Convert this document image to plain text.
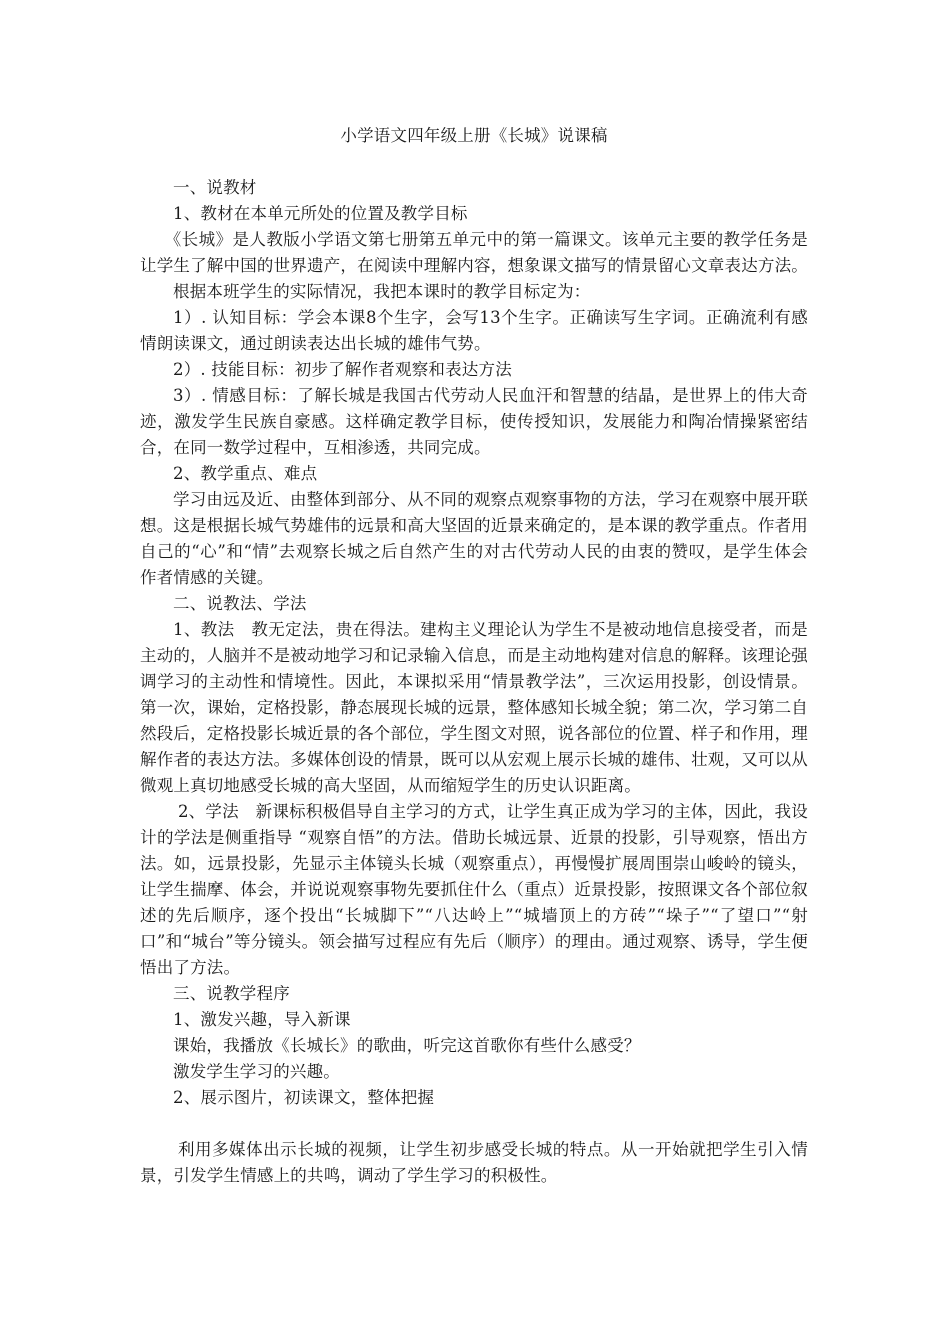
小学语文四年级上册《长城》说课稿

一、说教材

1、教材在本单元所处的位置及教学目标

《长城》是人教版小学语文第七册第五单元中的第一篇课文。该单元主要的教学任务是让学生了解中国的世界遗产，在阅读中理解内容，想象课文描写的情景留心文章表达方法。

根据本班学生的实际情况，我把本课时的教学目标定为：

1）. 认知目标：学会本课8个生字，会写13个生字。正确读写生字词。正确流利有感情朗读课文，通过朗读表达出长城的雄伟气势。

2）. 技能目标：初步了解作者观察和表达方法

3）. 情感目标：了解长城是我国古代劳动人民血汗和智慧的结晶，是世界上的伟大奇迹，激发学生民族自豪感。这样确定教学目标，使传授知识，发展能力和陶冶情操紧密结合，在同一数学过程中，互相渗透，共同完成。

2、教学重点、难点

学习由远及近、由整体到部分、从不同的观察点观察事物的方法，学习在观察中展开联想。这是根据长城气势雄伟的远景和高大坚固的近景来确定的，是本课的教学重点。作者用自己的“心”和“情”去观察长城之后自然产生的对古代劳动人民的由衷的赞叹，是学生体会作者情感的关键。

二、说教法、学法

1、教法　教无定法，贵在得法。建构主义理论认为学生不是被动地信息接受者，而是主动的，人脑并不是被动地学习和记录输入信息，而是主动地构建对信息的解释。该理论强调学习的主动性和情境性。因此，本课拟采用“情景教学法”，三次运用投影，创设情景。第一次，课始，定格投影，静态展现长城的远景，整体感知长城全貌；第二次，学习第二自然段后，定格投影长城近景的各个部位，学生图文对照，说各部位的位置、样子和作用，理解作者的表达方法。多媒体创设的情景，既可以从宏观上展示长城的雄伟、壮观，又可以从微观上真切地感受长城的高大坚固，从而缩短学生的历史认识距离。

2、学法　新课标积极倡导自主学习的方式，让学生真正成为学习的主体，因此，我设计的学法是侧重指导 “观察自悟”的方法。借助长城远景、近景的投影，引导观察，悟出方法。如，远景投影，先显示主体镜头长城（观察重点），再慢慢扩展周围崇山峻岭的镜头，让学生揣摩、体会，并说说观察事物先要抓住什么（重点）近景投影，按照课文各个部位叙述的先后顺序，逐个投出“长城脚下”“八达岭上”“城墙顶上的方砖”“垛子”“了望口”“射口”和“城台”等分镜头。领会描写过程应有先后（顺序）的理由。通过观察、诱导，学生便悟出了方法。

三、说教学程序

1、激发兴趣，导入新课

课始，我播放《长城长》的歌曲，听完这首歌你有些什么感受？

激发学生学习的兴趣。

2、展示图片，初读课文，整体把握

利用多媒体出示长城的视频，让学生初步感受长城的特点。从一开始就把学生引入情景，引发学生情感上的共鸣，调动了学生学习的积极性。
